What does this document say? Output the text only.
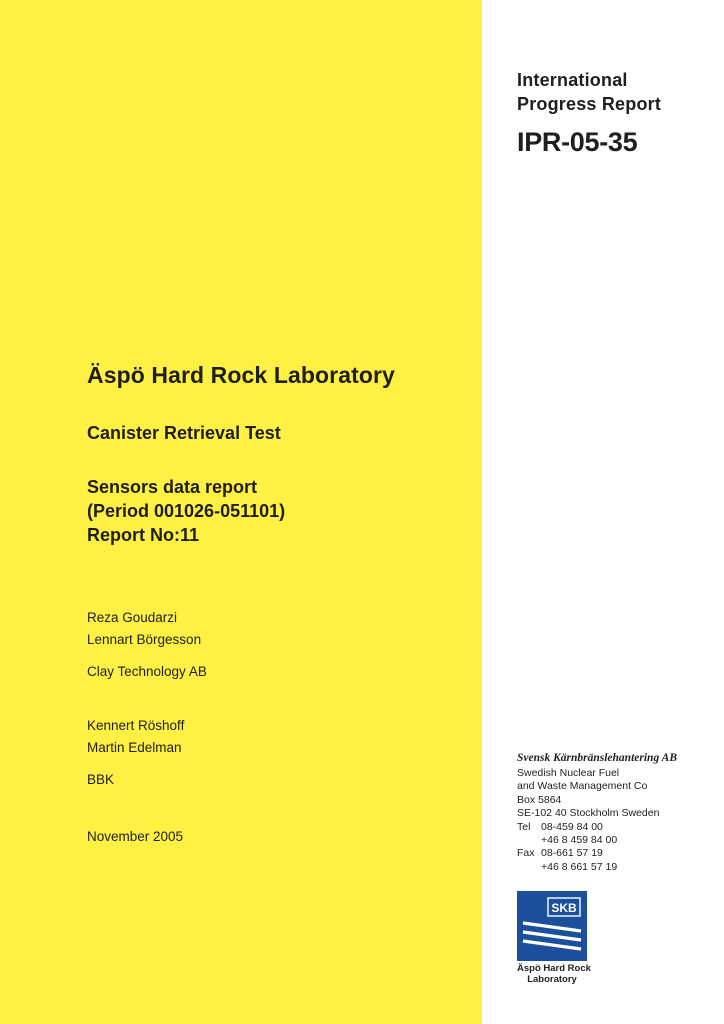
International
Progress Report
IPR-05-35
Äspö Hard Rock Laboratory
Canister Retrieval Test
Sensors data report
(Period 001026-051101)
Report No:11
Reza Goudarzi
Lennart Börgesson
Clay Technology AB
Kennert Röshoff
Martin Edelman
BBK
November 2005
Svensk Kärnbränslehantering AB
Swedish Nuclear Fuel
and Waste Management Co
Box 5864
SE-102 40 Stockholm Sweden
Tel	08-459 84 00
+46 8 459 84 00
Fax 08-661 57 19
+46 8 661 57 19
SKB
Äspö Hard Rock
Laboratory
